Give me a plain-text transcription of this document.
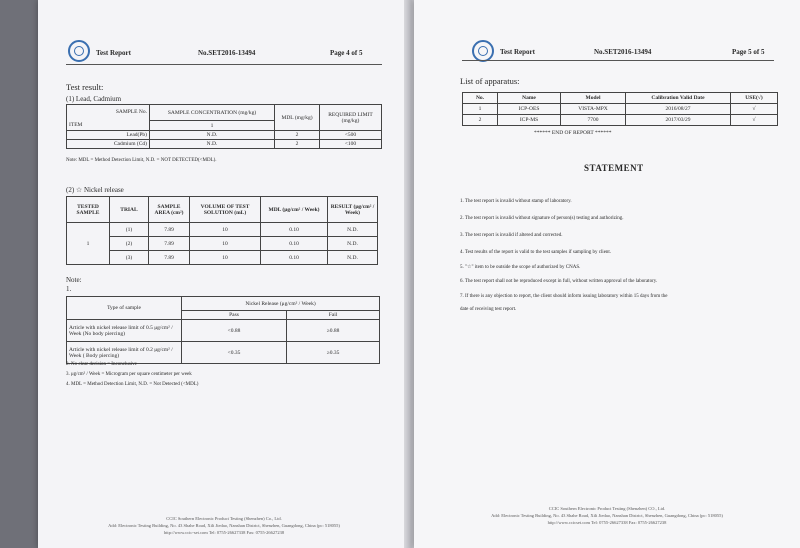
Test Report	No.SET2016-13494	Page 4 of 5
Test result:
(1) Lead, Cadmium
SAMPLE No.	SAMPLE CONCENTRATION (mg/kg)	MDL (mg/kg)	REQUIRED LIMIT (mg/kg)

ITEM	1		
Lead(Pb)	N.D.	2	<500
Cadmium (Cd)	N.D.	2	<100
Note: MDL = Method Detection Limit, N.D. = NOT DETECTED(<MDL).
(2) ☆ Nickel release
TESTED SAMPLE	TRIAL	SAMPLE AREA (cm²)	VOLUME OF TEST SOLUTION (mL)	MDL (μg/cm² / Week)	RESULT (μg/cm² / Week)
1	(1)	7.89	10	0.10	N.D.
	(2)	7.89	10	0.10	N.D.
	(3)	7.89	10	0.10	N.D.
Note:
1.
Type of sample	Nickel Release (μg/cm² / Week)	
	Pass	Fail
Article with nickel release limit of 0.5 μg/cm² / Week (No body piercing)	<0.88	≥0.88
Article with nickel release limit of 0.2 μg/cm² / Week ( Body piercing)	<0.35	≥0.35
2. No clear decision = Inconclusive
3. μg/cm² / Week = Microgram per square centimeter per week
4. MDL = Method Detection Limit, N.D. = Not Detected (<MDL)
CCIC Southern Electronic Product Testing (Shenzhen) Co., Ltd.
Add: Electronic Testing Building, No. 43 Shahe Road, Xili Jiedao, Nanshan District, Shenzhen, Guangdong, China (pc: 518055)
http://www.ccic-set.com Tel: 0755-26627338 Fax: 0755-26627238
Test Report	No.SET2016-13494	Page 5 of 5
List of apparatus:
No.	Name	Model	Calibration Valid Date	USE(√)
1	ICP-OES	VISTA-MPX	2016/08/27	√
2	ICP-MS	7700	2017/03/29	√
****** END OF REPORT ******
STATEMENT
1. The test report is invalid without stamp of laboratory.
2. The test report is invalid without signature of person(s) testing and authorizing.
3. The test report is invalid if altered and corrected.
4. Test results of the report is valid to the test samples if sampling by client.
5. "☆" item to be outside the scope of authorized by CNAS.
6. The test report shall not be reproduced except in full, without written approval of the laboratory.
7. If there is any objection to report, the client should inform issuing laboratory within 15 days from the
date of receiving test report.
CCIC Southern Electronic Product Testing (Shenzhen) CO., Ltd.
Add: Electronic Testing Building, No. 43 Shahe Road, Xili Jiedao, Nanshan District, Shenzhen, Guangdong, China (pc: 518055)
http://www.ccicset.com Tel: 0755-26627338 Fax: 0755-26627238
